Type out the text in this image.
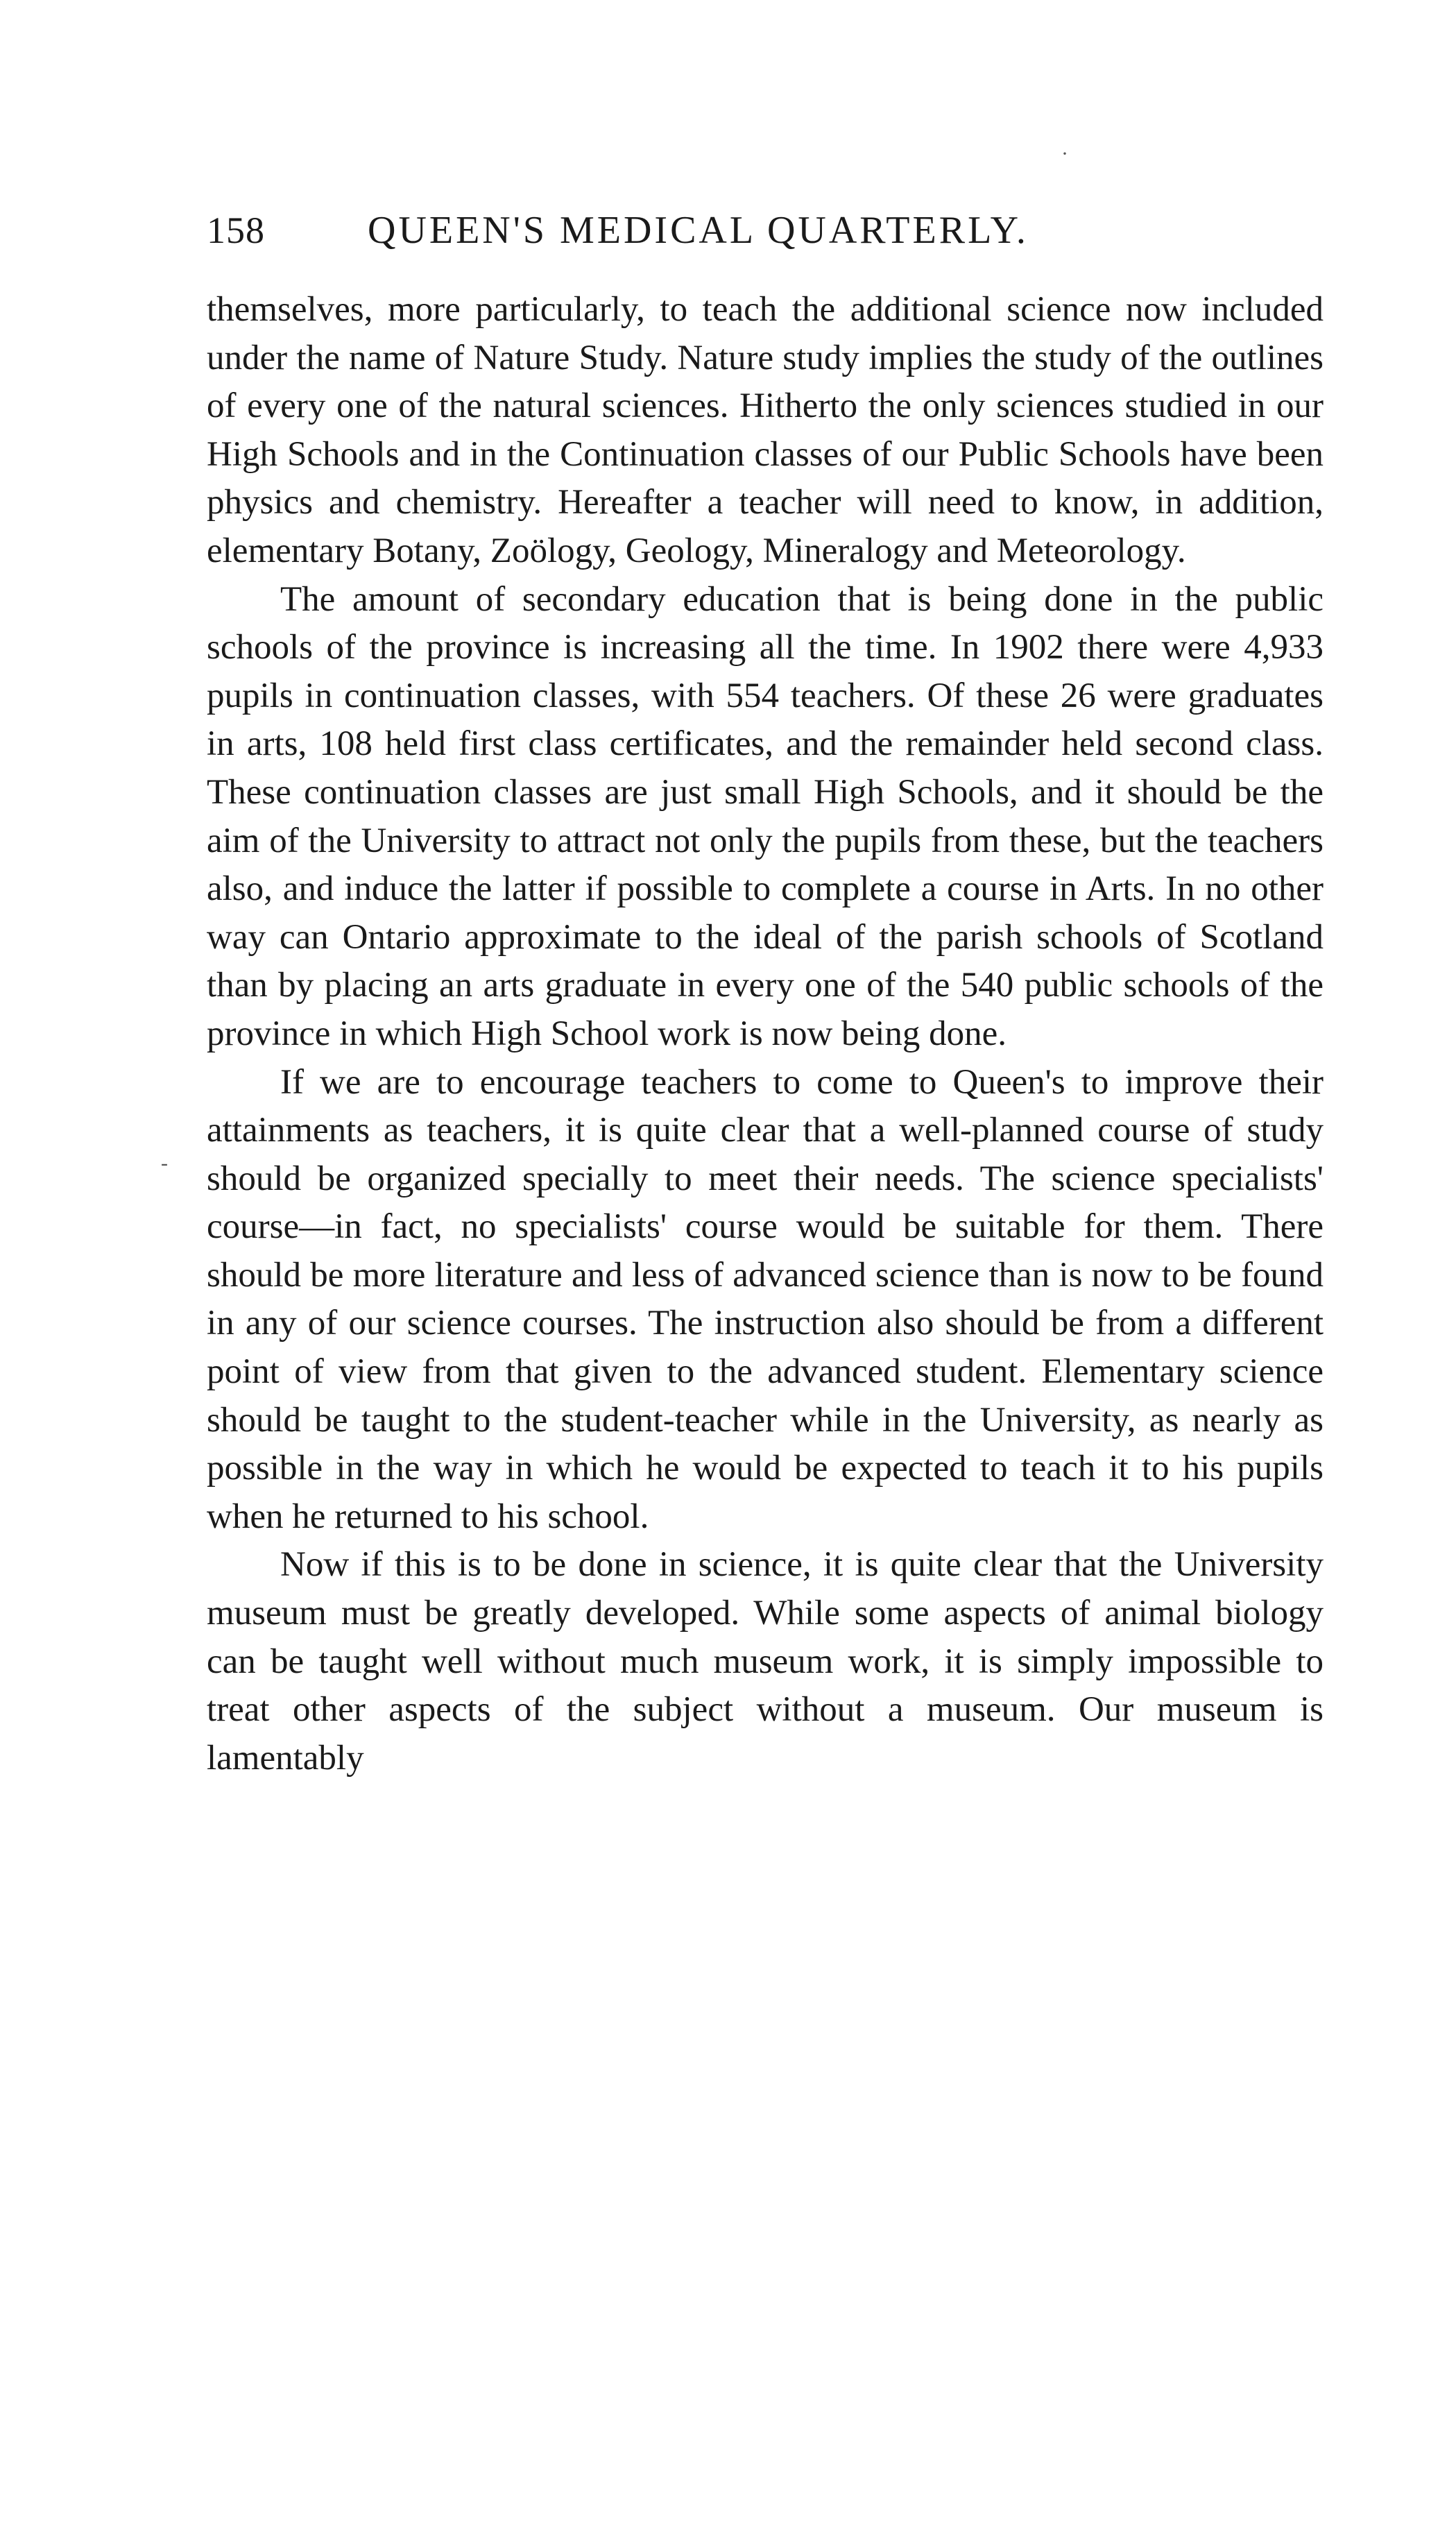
158	QUEEN'S MEDICAL QUARTERLY.

themselves, more particularly, to teach the additional science now included under the name of Nature Study. Nature study implies the study of the outlines of every one of the natural sciences. Hitherto the only sciences studied in our High Schools and in the Continuation classes of our Public Schools have been physics and chemistry. Hereafter a teacher will need to know, in addition, elementary Botany, Zoölogy, Geology, Mineralogy and Meteorology.

The amount of secondary education that is being done in the public schools of the province is increasing all the time. In 1902 there were 4,933 pupils in continuation classes, with 554 teachers. Of these 26 were graduates in arts, 108 held first class certificates, and the remainder held second class. These continuation classes are just small High Schools, and it should be the aim of the University to attract not only the pupils from these, but the teachers also, and induce the latter if possible to complete a course in Arts. In no other way can Ontario approximate to the ideal of the parish schools of Scotland than by placing an arts graduate in every one of the 540 public schools of the province in which High School work is now being done.

If we are to encourage teachers to come to Queen's to improve their attainments as teachers, it is quite clear that a well-planned course of study should be organized specially to meet their needs. The science specialists' course—in fact, no specialists' course would be suitable for them. There should be more literature and less of advanced science than is now to be found in any of our science courses. The instruction also should be from a different point of view from that given to the advanced student. Elementary science should be taught to the student-teacher while in the University, as nearly as possible in the way in which he would be expected to teach it to his pupils when he returned to his school.

Now if this is to be done in science, it is quite clear that the University museum must be greatly developed. While some aspects of animal biology can be taught well without much museum work, it is simply impossible to treat other aspects of the subject without a museum. Our museum is lamentably

·
-
